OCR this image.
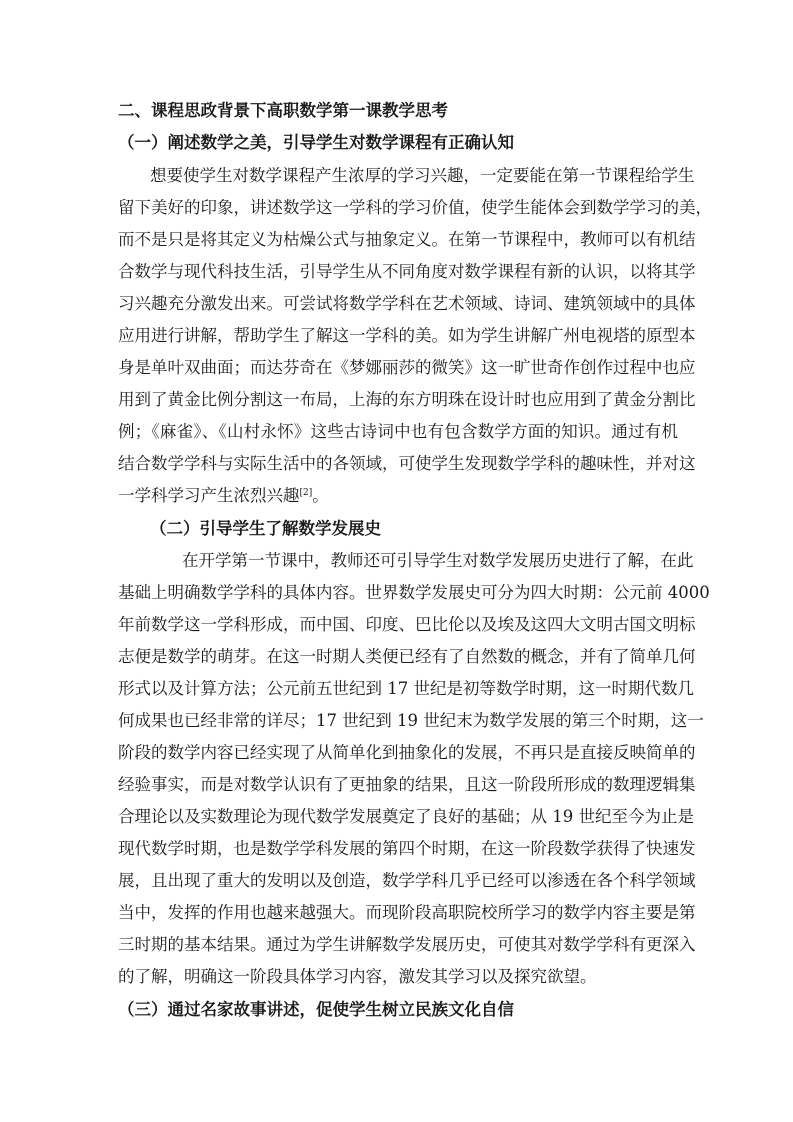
二、课程思政背景下高职数学第一课教学思考
（一）阐述数学之美，引导学生对数学课程有正确认知
想要使学生对数学课程产生浓厚的学习兴趣，一定要能在第一节课程给学生
留下美好的印象，讲述数学这一学科的学习价值，使学生能体会到数学学习的美，
而不是只是将其定义为枯燥公式与抽象定义。在第一节课程中，教师可以有机结
合数学与现代科技生活，引导学生从不同角度对数学课程有新的认识，以将其学
习兴趣充分激发出来。可尝试将数学学科在艺术领域、诗词、建筑领域中的具体
应用进行讲解，帮助学生了解这一学科的美。如为学生讲解广州电视塔的原型本
身是单叶双曲面；而达芬奇在《梦娜丽莎的微笑》这一旷世奇作创作过程中也应
用到了黄金比例分割这一布局，上海的东方明珠在设计时也应用到了黄金分割比
例；《麻雀》、《山村永怀》这些古诗词中也有包含数学方面的知识。通过有机
结合数学学科与实际生活中的各领域，可使学生发现数学学科的趣味性，并对这
一学科学习产生浓烈兴趣[2]。
（二）引导学生了解数学发展史
在开学第一节课中，教师还可引导学生对数学发展历史进行了解，在此
基础上明确数学学科的具体内容。世界数学发展史可分为四大时期：公元前 4000
年前数学这一学科形成，而中国、印度、巴比伦以及埃及这四大文明古国文明标
志便是数学的萌芽。在这一时期人类便已经有了自然数的概念，并有了简单几何
形式以及计算方法；公元前五世纪到 17 世纪是初等数学时期，这一时期代数几
何成果也已经非常的详尽；17 世纪到 19 世纪末为数学发展的第三个时期，这一
阶段的数学内容已经实现了从简单化到抽象化的发展，不再只是直接反映简单的
经验事实，而是对数学认识有了更抽象的结果，且这一阶段所形成的数理逻辑集
合理论以及实数理论为现代数学发展奠定了良好的基础；从 19 世纪至今为止是
现代数学时期，也是数学学科发展的第四个时期，在这一阶段数学获得了快速发
展，且出现了重大的发明以及创造，数学学科几乎已经可以渗透在各个科学领域
当中，发挥的作用也越来越强大。而现阶段高职院校所学习的数学内容主要是第
三时期的基本结果。通过为学生讲解数学发展历史，可使其对数学学科有更深入
的了解，明确这一阶段具体学习内容，激发其学习以及探究欲望。
（三）通过名家故事讲述，促使学生树立民族文化自信
